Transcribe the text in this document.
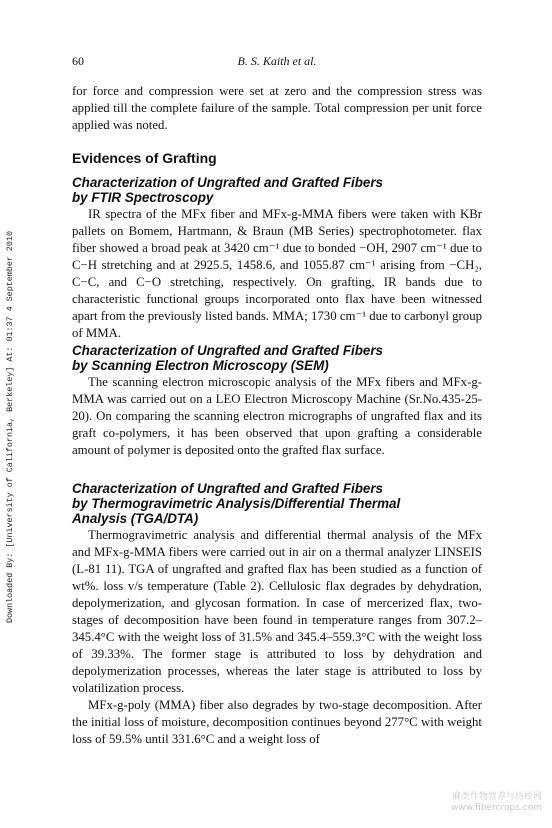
60	B. S. Kaith et al.

for force and compression were set at zero and the compression stress was applied till the complete failure of the sample. Total compression per unit force applied was noted.

Evidences of Grafting
Characterization of Ungrafted and Grafted Fibers
by FTIR Spectroscopy

IR spectra of the MFx fiber and MFx-g-MMA fibers were taken with KBr pallets on Bomem, Hartmann, & Braun (MB Series) spectrophotometer. flax fiber showed a broad peak at 3420 cm⁻¹ due to bonded −OH, 2907 cm⁻¹ due to C−H stretching and at 2925.5, 1458.6, and 1055.87 cm⁻¹ arising from −CH₂, C−C, and C−O stretching, respectively. On grafting, IR bands due to characteristic functional groups incorporated onto flax have been witnessed apart from the previously listed bands. MMA; 1730 cm⁻¹ due to carbonyl group of MMA.

Characterization of Ungrafted and Grafted Fibers
by Scanning Electron Microscopy (SEM)

The scanning electron microscopic analysis of the MFx fibers and MFx-g-MMA was carried out on a LEO Electron Microscopy Machine (Sr.No.435-25-20). On comparing the scanning electron micrographs of ungrafted flax and its graft co-polymers, it has been observed that upon grafting a considerable amount of polymer is deposited onto the grafted flax surface.

Characterization of Ungrafted and Grafted Fibers
by Thermogravimetric Analysis/Differential Thermal
Analysis (TGA/DTA)

Thermogravimetric analysis and differential thermal analysis of the MFx and MFx-g-MMA fibers were carried out in air on a thermal analyzer LINSEIS (L-81 11). TGA of ungrafted and grafted flax has been studied as a function of wt%. loss v/s temperature (Table 2). Cellulosic flax degrades by dehydration, depolymerization, and glycosan formation. In case of mercerized flax, two-stages of decomposition have been found in temperature ranges from 307.2–345.4°C with the weight loss of 31.5% and 345.4–559.3°C with the weight loss of 39.33%. The former stage is attributed to loss by dehydration and depolymerization processes, whereas the later stage is attributed to loss by volatilization process.

MFx-g-poly (MMA) fiber also degrades by two-stage decomposition. After the initial loss of moisture, decomposition continues beyond 277°C with weight loss of 59.5% until 331.6°C and a weight loss of

Downloaded By: [University of California, Berkeley] At: 01:37 4 September 2010
麻类作物营养与纺纱网
www.fibercrops.com
